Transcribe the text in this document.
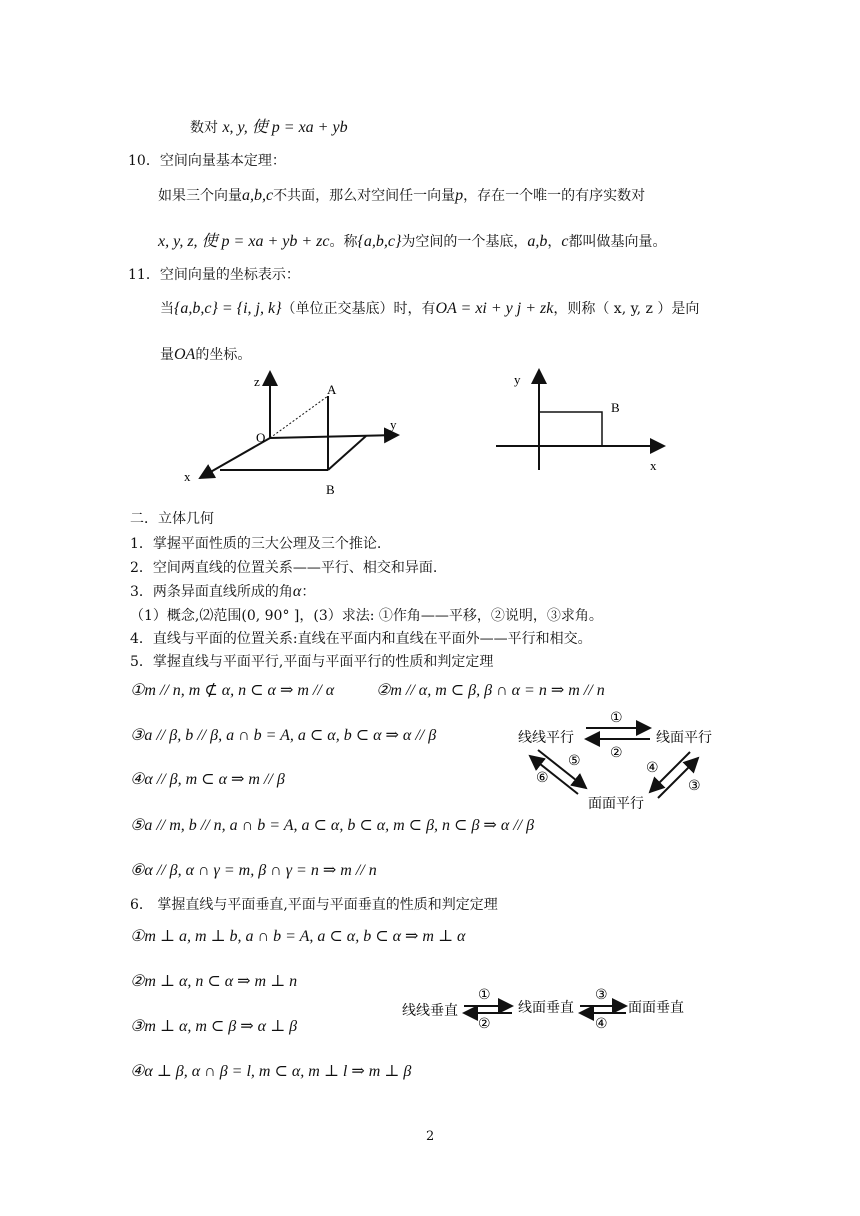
数对 x, y, 使 p = xa + yb
10．空间向量基本定理：
如果三个向量a,b,c不共面，那么对空间任一向量p，存在一个唯一的有序实数对
x, y, z, 使 p = xa + yb + zc。称{a,b,c}为空间的一个基底，a,b，c都叫做基向量。
11．空间向量的坐标表示：
当{a,b,c} = {i, j, k}（单位正交基底）时，有OA = xi + y j + zk，则称（ x, y, z ）是向
量OA的坐标。
z
A
O
y
x
B
y
B
x
二．立体几何
1．掌握平面性质的三大公理及三个推论.
2．空间两直线的位置关系——平行、相交和异面.
3．两条异面直线所成的角α：
（1）概念,⑵范围(0, 90° ]，(3）求法: ①作角——平移，②说明，③求角。
4．直线与平面的位置关系:直线在平面内和直线在平面外——平行和相交。
5．掌握直线与平面平行,平面与平面平行的性质和判定定理
①m // n, m ⊄ α, n ⊂ α ⇒ m // α	②m // α, m ⊂ β, β ∩ α = n ⇒ m // n
③a // β, b // β, a ∩ b = A, a ⊂ α, b ⊂ α ⇒ α // β
④α // β, m ⊂ α ⇒ m // β
⑤a // m, b // n, a ∩ b = A, a ⊂ α, b ⊂ α, m ⊂ β, n ⊂ β ⇒ α // β
⑥α // β, α ∩ γ = m, β ∩ γ = n ⇒ m // n
线线平行	线面平行
面面平行
①
②
③
④
⑤
⑥
6． 掌握直线与平面垂直,平面与平面垂直的性质和判定定理
①m ⊥ a, m ⊥ b, a ∩ b = A, a ⊂ α, b ⊂ α ⇒ m ⊥ α
②m ⊥ α, n ⊂ α ⇒ m ⊥ n
③m ⊥ α, m ⊂ β ⇒ α ⊥ β
④α ⊥ β, α ∩ β = l, m ⊂ α, m ⊥ l ⇒ m ⊥ β
线线垂直	线面垂直	面面垂直
①
②
③
④
2
